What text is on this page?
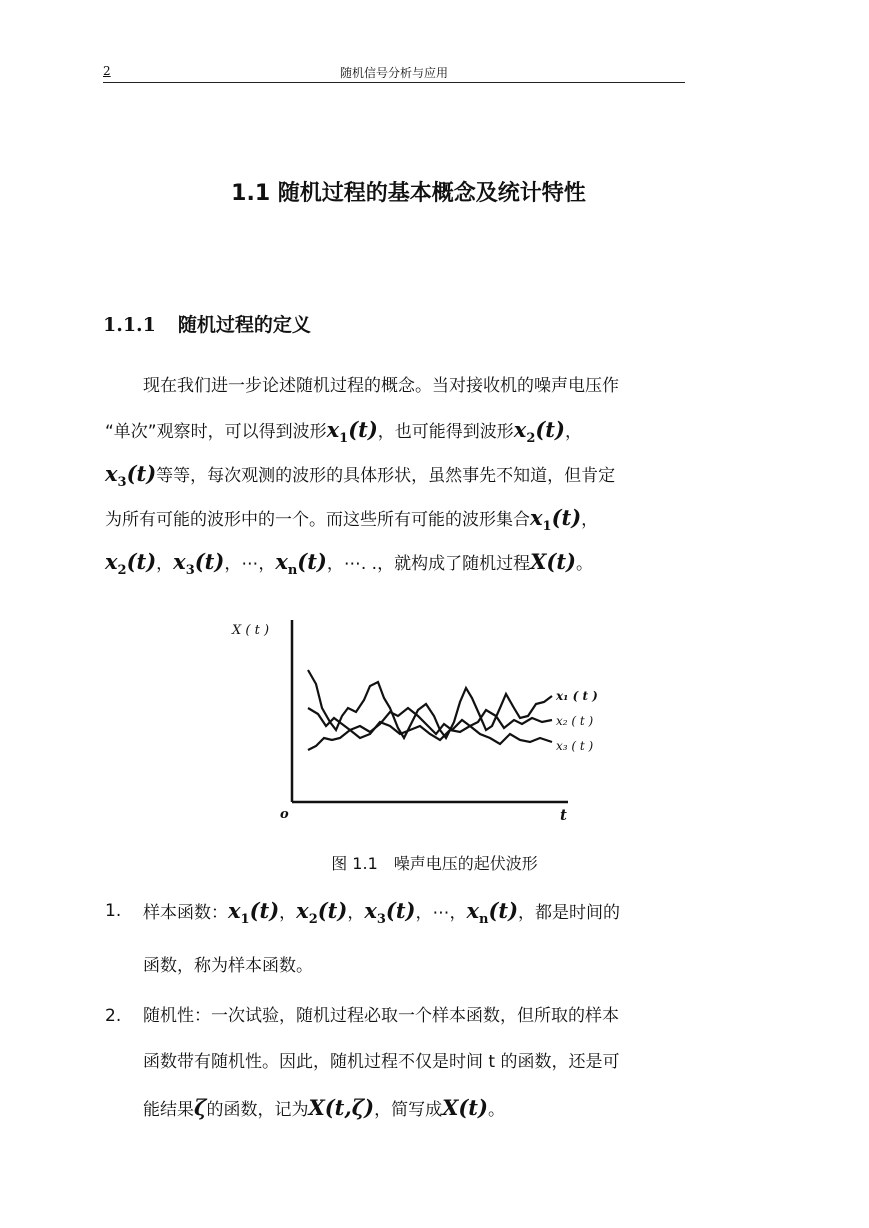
2	随机信号分析与应用
1.1 随机过程的基本概念及统计特性
1.1.1 随机过程的定义
现在我们进一步论述随机过程的概念。当对接收机的噪声电压作
“单次”观察时，可以得到波形$x_1(t)$，也可能得到波形$x_2(t)$，
$x_3(t)$等等，每次观测的波形的具体形状，虽然事先不知道，但肯定
为所有可能的波形中的一个。而这些所有可能的波形集合$x_1(t)$，
$x_2(t)$，$x_3(t)$，⋯，$x_n(t)$，⋯. .，就构成了随机过程X(t)。
X ( t )
t
o
x₁ ( t )
x₂ ( t )
x₃ ( t )
图 1.1　噪声电压的起伏波形
1. 样本函数：$x_1(t)$，$x_2(t)$，$x_3(t)$，⋯，$x_n(t)$，都是时间的
函数，称为样本函数。
2. 随机性：一次试验，随机过程必取一个样本函数，但所取的样本
函数带有随机性。因此，随机过程不仅是时间 t 的函数，还是可
能结果ζ的函数，记为X(t,ζ)，简写成X(t)。
